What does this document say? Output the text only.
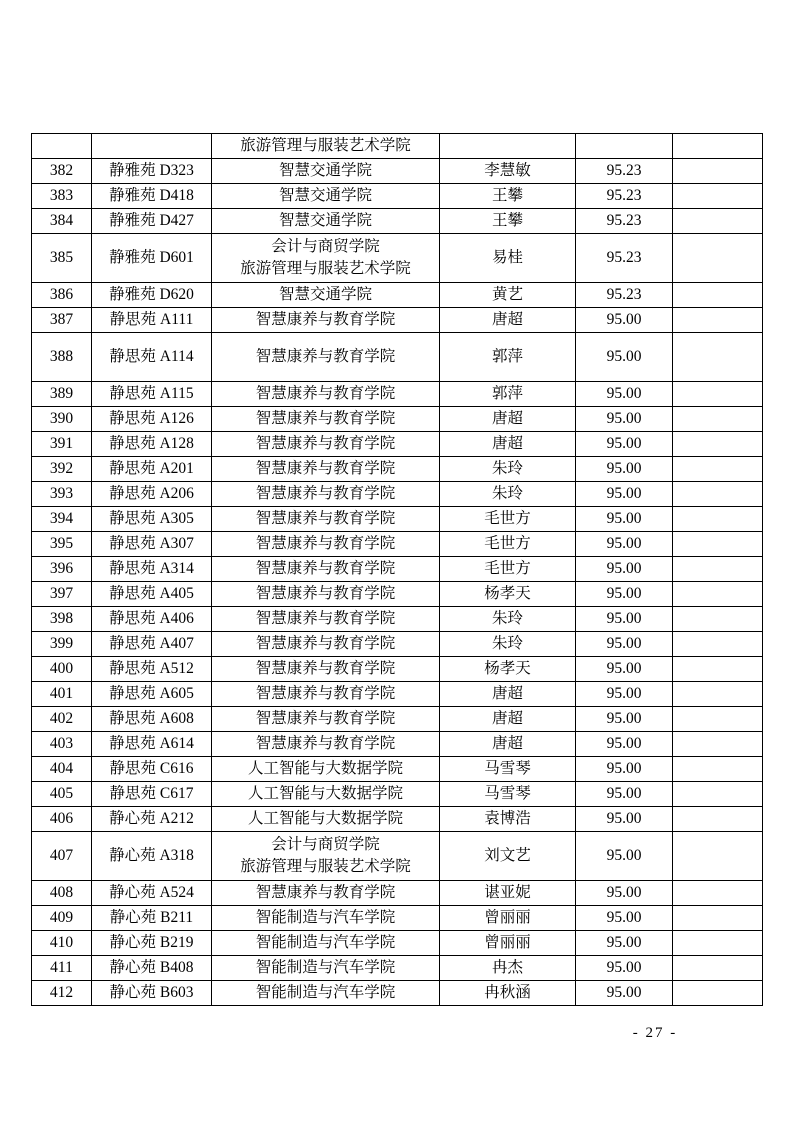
		旅游管理与服装艺术学院			

382	静雅苑 D323	智慧交通学院	李慧敏	95.23	
383	静雅苑 D418	智慧交通学院	王攀	95.23	
384	静雅苑 D427	智慧交通学院	王攀	95.23	
385	静雅苑 D601	会计与商贸学院
旅游管理与服装艺术学院	易桂	95.23	
386	静雅苑 D620	智慧交通学院	黄艺	95.23	
387	静思苑 A111	智慧康养与教育学院	唐超	95.00	
388	静思苑 A114	智慧康养与教育学院	郭萍	95.00	
389	静思苑 A115	智慧康养与教育学院	郭萍	95.00	
390	静思苑 A126	智慧康养与教育学院	唐超	95.00	
391	静思苑 A128	智慧康养与教育学院	唐超	95.00	
392	静思苑 A201	智慧康养与教育学院	朱玲	95.00	
393	静思苑 A206	智慧康养与教育学院	朱玲	95.00	
394	静思苑 A305	智慧康养与教育学院	毛世方	95.00	
395	静思苑 A307	智慧康养与教育学院	毛世方	95.00	
396	静思苑 A314	智慧康养与教育学院	毛世方	95.00	
397	静思苑 A405	智慧康养与教育学院	杨孝天	95.00	
398	静思苑 A406	智慧康养与教育学院	朱玲	95.00	
399	静思苑 A407	智慧康养与教育学院	朱玲	95.00	
400	静思苑 A512	智慧康养与教育学院	杨孝天	95.00	
401	静思苑 A605	智慧康养与教育学院	唐超	95.00	
402	静思苑 A608	智慧康养与教育学院	唐超	95.00	
403	静思苑 A614	智慧康养与教育学院	唐超	95.00	
404	静思苑 C616	人工智能与大数据学院	马雪琴	95.00	
405	静思苑 C617	人工智能与大数据学院	马雪琴	95.00	
406	静心苑 A212	人工智能与大数据学院	袁博浩	95.00	
407	静心苑 A318	会计与商贸学院
旅游管理与服装艺术学院	刘文艺	95.00	
408	静心苑 A524	智慧康养与教育学院	谌亚妮	95.00	
409	静心苑 B211	智能制造与汽车学院	曾丽丽	95.00	
410	静心苑 B219	智能制造与汽车学院	曾丽丽	95.00	
411	静心苑 B408	智能制造与汽车学院	冉杰	95.00	
412	静心苑 B603	智能制造与汽车学院	冉秋涵	95.00	
- 27 -
